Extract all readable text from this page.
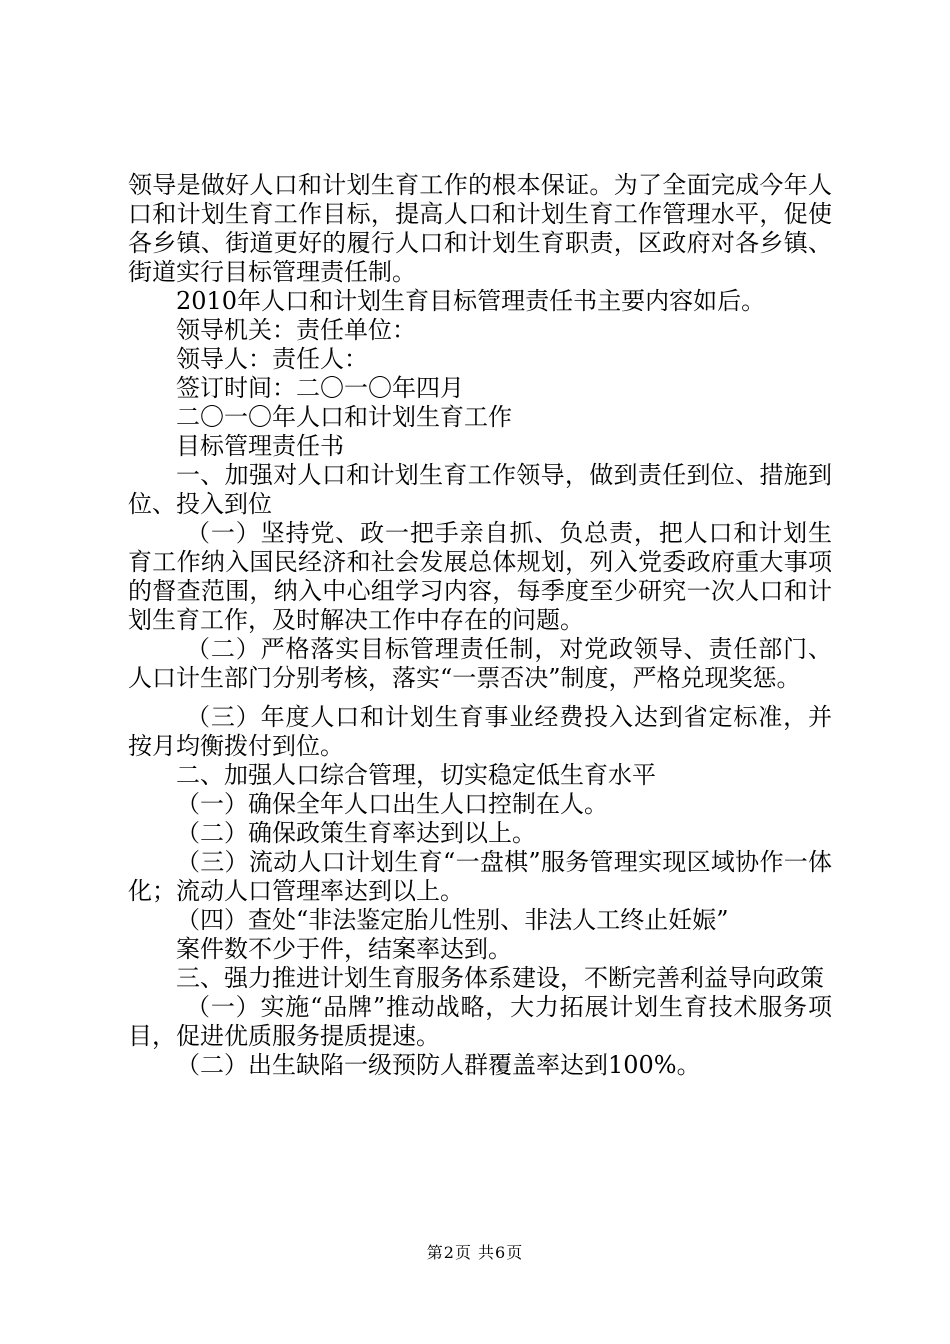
领导是做好人口和计划生育工作的根本保证。为了全面完成今年人口和计划生育工作目标，提高人口和计划生育工作管理水平，促使各乡镇、街道更好的履行人口和计划生育职责，区政府对各乡镇、街道实行目标管理责任制。

2010年人口和计划生育目标管理责任书主要内容如后。

领导机关：责任单位：

领导人：责任人：

签订时间：二〇一〇年四月

二〇一〇年人口和计划生育工作

目标管理责任书

一、加强对人口和计划生育工作领导，做到责任到位、措施到位、投入到位

（一）坚持党、政一把手亲自抓、负总责，把人口和计划生育工作纳入国民经济和社会发展总体规划，列入党委政府重大事项的督查范围，纳入中心组学习内容，每季度至少研究一次人口和计划生育工作，及时解决工作中存在的问题。

（二）严格落实目标管理责任制，对党政领导、责任部门、人口计生部门分别考核，落实“一票否决”制度，严格兑现奖惩。

（三）年度人口和计划生育事业经费投入达到省定标准，并按月均衡拨付到位。

二、加强人口综合管理，切实稳定低生育水平

（一）确保全年人口出生人口控制在人。

（二）确保政策生育率达到以上。

（三）流动人口计划生育“一盘棋”服务管理实现区域协作一体化；流动人口管理率达到以上。

（四）查处“非法鉴定胎儿性别、非法人工终止妊娠”

案件数不少于件，结案率达到。

三、强力推进计划生育服务体系建设，不断完善利益导向政策

（一）实施“品牌”推动战略，大力拓展计划生育技术服务项目，促进优质服务提质提速。

（二）出生缺陷一级预防人群覆盖率达到100%。

第2页 共6页
